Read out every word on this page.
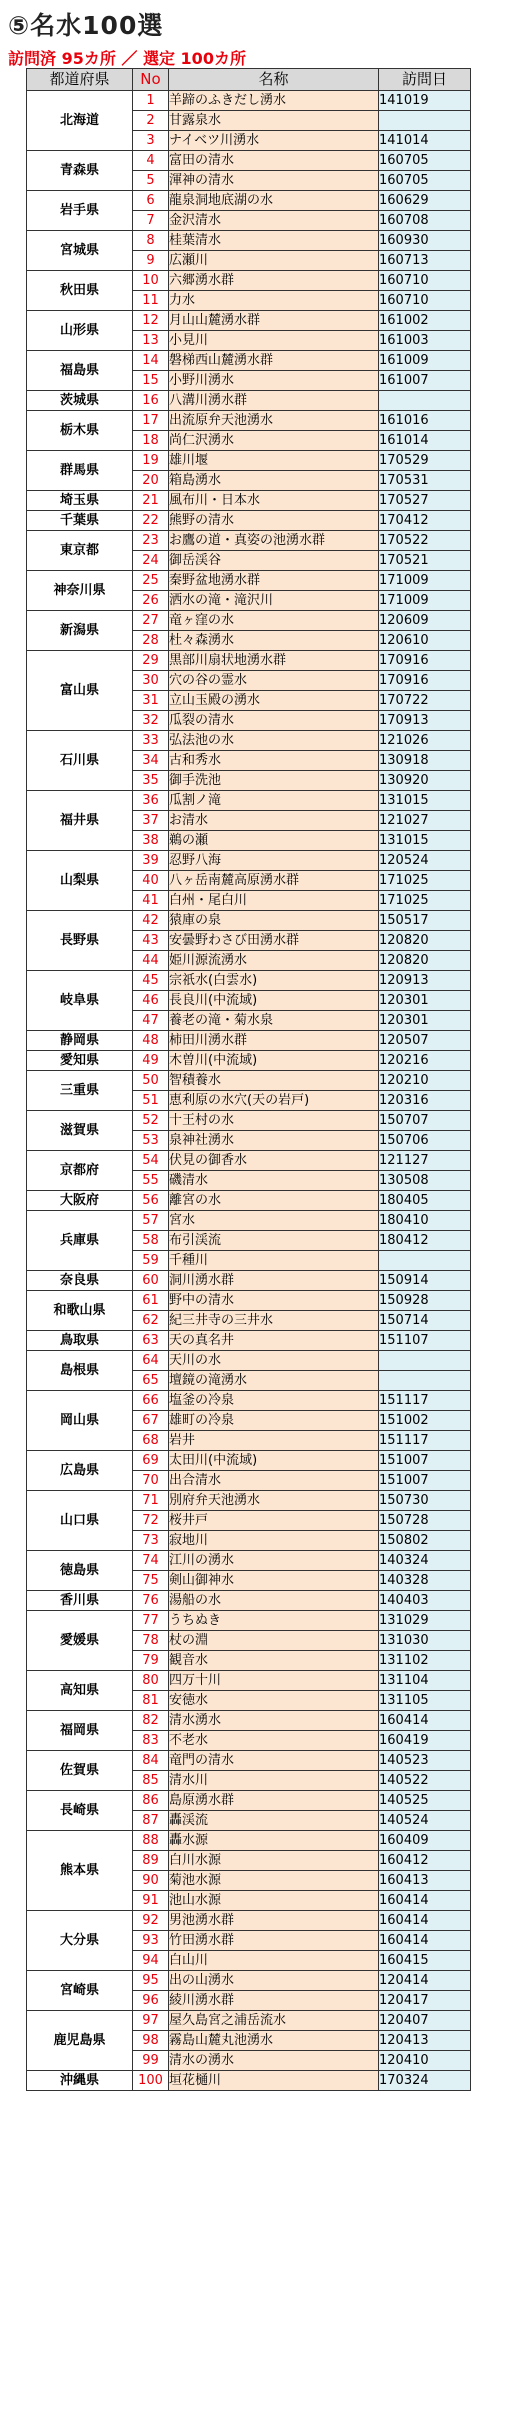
⑤名水100選
訪問済 95カ所 ／ 選定 100カ所
都道府県	No	名称	訪問日
北海道	1	羊蹄のふきだし湧水	141019
	2	甘露泉水	
	3	ナイベツ川湧水	141014
青森県	4	富田の清水	160705
	5	渾神の清水	160705
岩手県	6	龍泉洞地底湖の水	160629
	7	金沢清水	160708
宮城県	8	桂葉清水	160930
	9	広瀬川	160713
秋田県	10	六郷湧水群	160710
	11	力水	160710
山形県	12	月山山麓湧水群	161002
	13	小見川	161003
福島県	14	磐梯西山麓湧水群	161009
	15	小野川湧水	161007
茨城県	16	八溝川湧水群	
栃木県	17	出流原弁天池湧水	161016
	18	尚仁沢湧水	161014
群馬県	19	雄川堰	170529
	20	箱島湧水	170531
埼玉県	21	風布川・日本水	170527
千葉県	22	熊野の清水	170412
東京都	23	お鷹の道・真姿の池湧水群	170522
	24	御岳渓谷	170521
神奈川県	25	秦野盆地湧水群	171009
	26	洒水の滝・滝沢川	171009
新潟県	27	竜ヶ窪の水	120609
	28	杜々森湧水	120610
富山県	29	黒部川扇状地湧水群	170916
	30	穴の谷の霊水	170916
	31	立山玉殿の湧水	170722
	32	瓜裂の清水	170913
石川県	33	弘法池の水	121026
	34	古和秀水	130918
	35	御手洗池	130920
福井県	36	瓜割ノ滝	131015
	37	お清水	121027
	38	鵜の瀬	131015
山梨県	39	忍野八海	120524
	40	八ヶ岳南麓高原湧水群	171025
	41	白州・尾白川	171025
長野県	42	猿庫の泉	150517
	43	安曇野わさび田湧水群	120820
	44	姫川源流湧水	120820
岐阜県	45	宗祇水(白雲水)	120913
	46	長良川(中流域)	120301
	47	養老の滝・菊水泉	120301
静岡県	48	柿田川湧水群	120507
愛知県	49	木曽川(中流域)	120216
三重県	50	智積養水	120210
	51	恵利原の水穴(天の岩戸)	120316
滋賀県	52	十王村の水	150707
	53	泉神社湧水	150706
京都府	54	伏見の御香水	121127
	55	磯清水	130508
大阪府	56	離宮の水	180405
兵庫県	57	宮水	180410
	58	布引渓流	180412
	59	千種川	
奈良県	60	洞川湧水群	150914
和歌山県	61	野中の清水	150928
	62	紀三井寺の三井水	150714
鳥取県	63	天の真名井	151107
島根県	64	天川の水	
	65	壇鏡の滝湧水	
岡山県	66	塩釜の冷泉	151117
	67	雄町の冷泉	151002
	68	岩井	151117
広島県	69	太田川(中流域)	151007
	70	出合清水	151007
山口県	71	別府弁天池湧水	150730
	72	桜井戸	150728
	73	寂地川	150802
徳島県	74	江川の湧水	140324
	75	剣山御神水	140328
香川県	76	湯船の水	140403
愛媛県	77	うちぬき	131029
	78	杖の淵	131030
	79	観音水	131102
高知県	80	四万十川	131104
	81	安徳水	131105
福岡県	82	清水湧水	160414
	83	不老水	160419
佐賀県	84	竜門の清水	140523
	85	清水川	140522
長崎県	86	島原湧水群	140525
	87	轟渓流	140524
熊本県	88	轟水源	160409
	89	白川水源	160412
	90	菊池水源	160413
	91	池山水源	160414
大分県	92	男池湧水群	160414
	93	竹田湧水群	160414
	94	白山川	160415
宮崎県	95	出の山湧水	120414
	96	綾川湧水群	120417
鹿児島県	97	屋久島宮之浦岳流水	120407
	98	霧島山麓丸池湧水	120413
	99	清水の湧水	120410
沖縄県	100	垣花樋川	170324
